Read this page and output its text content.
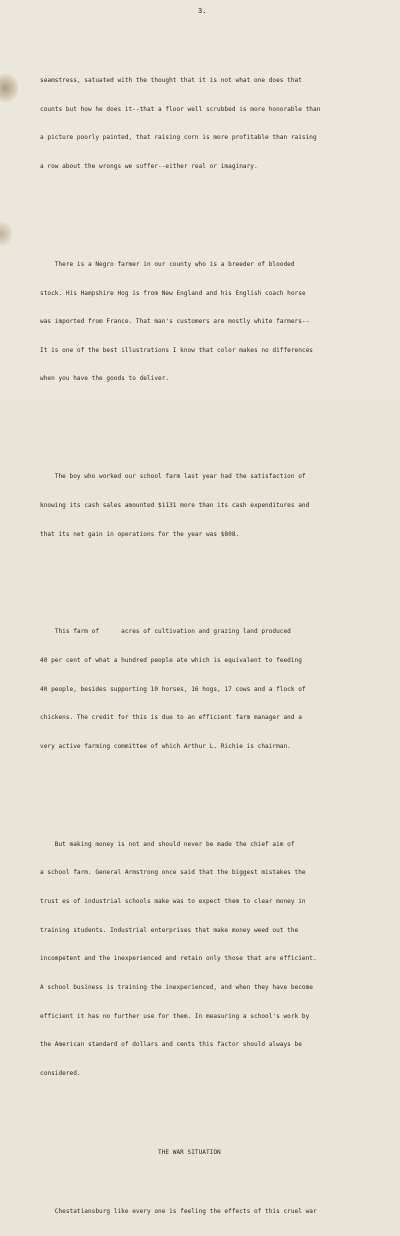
3.

seamstress, satuated with the thought that it is not what one does that

counts but how he does it--that a floor well scrubbed is more honorable than

a picture poorly painted, that raising corn is more profitable than raising

a row about the wrongs we suffer--either real or imaginary.

There is a Negro farmer in our county who is a breeder of blooded

stock. His Hampshire Hog is from New England and his English coach horse

was imported from France. That man's customers are mostly white farmers--

It is one of the best illustrations I know that color makes no differences

when you have the goods to deliver.

The boy who worked our school farm last year had the satisfaction of

knowing its cash sales amounted $1131 more than its cash expenditures and

that its net gain in operations for the year was $808.

This farm of      acres of cultivation and grazing land produced

40 per cent of what a hundred people ate which is equivalent to feeding

40 people, besides supporting 10 horses, 16 hogs, 17 cows and a flock of

chickens. The credit for this is due to an efficient farm manager and a

very active farming committee of which Arthur L. Richie is chairman.

But making money is not and should never be made the chief aim of

a school farm. General Armstrong once said that the biggest mistakes the

trust es of industrial schools make was to expect them to clear money in

training students. Industrial enterprises that make money weed out the

incompetent and the inexperienced and retain only those that are efficient.

A school business is training the inexperienced, and when they have become

efficient it has no further use for them. In measuring a school's work by

the American standard of dollars and cents this factor should always be

considered.

THE WAR SITUATION

Chestatiansburg like every one is feeling the effects of this cruel war
